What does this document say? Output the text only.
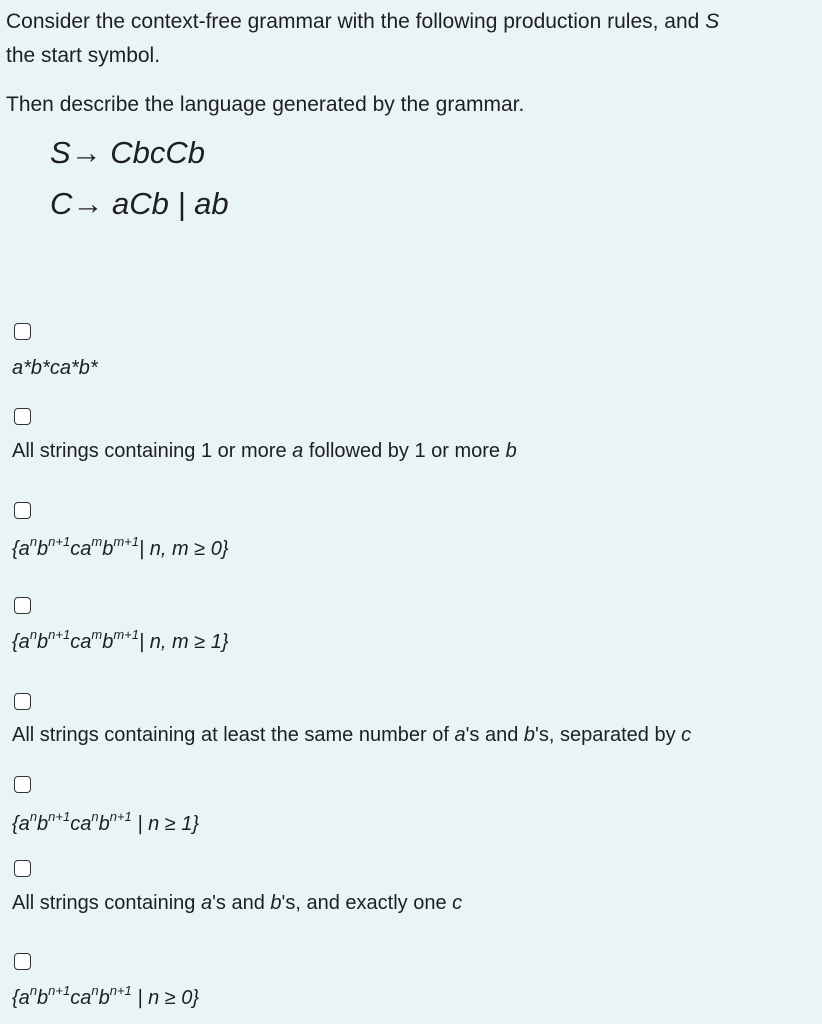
Consider the context-free grammar with the following production rules, and S
the start symbol.
Then describe the language generated by the grammar.
S→ CbcCb
C→ aCb | ab
a*b*ca*b*
All strings containing 1 or more a followed by 1 or more b
{$a^nb^{n+1}ca^mb^{m+1}|$ n, m ≥ 0}
{$a^nb^{n+1}ca^mb^{m+1}|$ n, m ≥ 1}
All strings containing at least the same number of a's and b's, separated by c
{$a^nb^{n+1}ca^nb^{n+1}$ | n ≥ 1}
All strings containing a's and b's, and exactly one c
{$a^nb^{n+1}ca^nb^{n+1}$ | n ≥ 0}
